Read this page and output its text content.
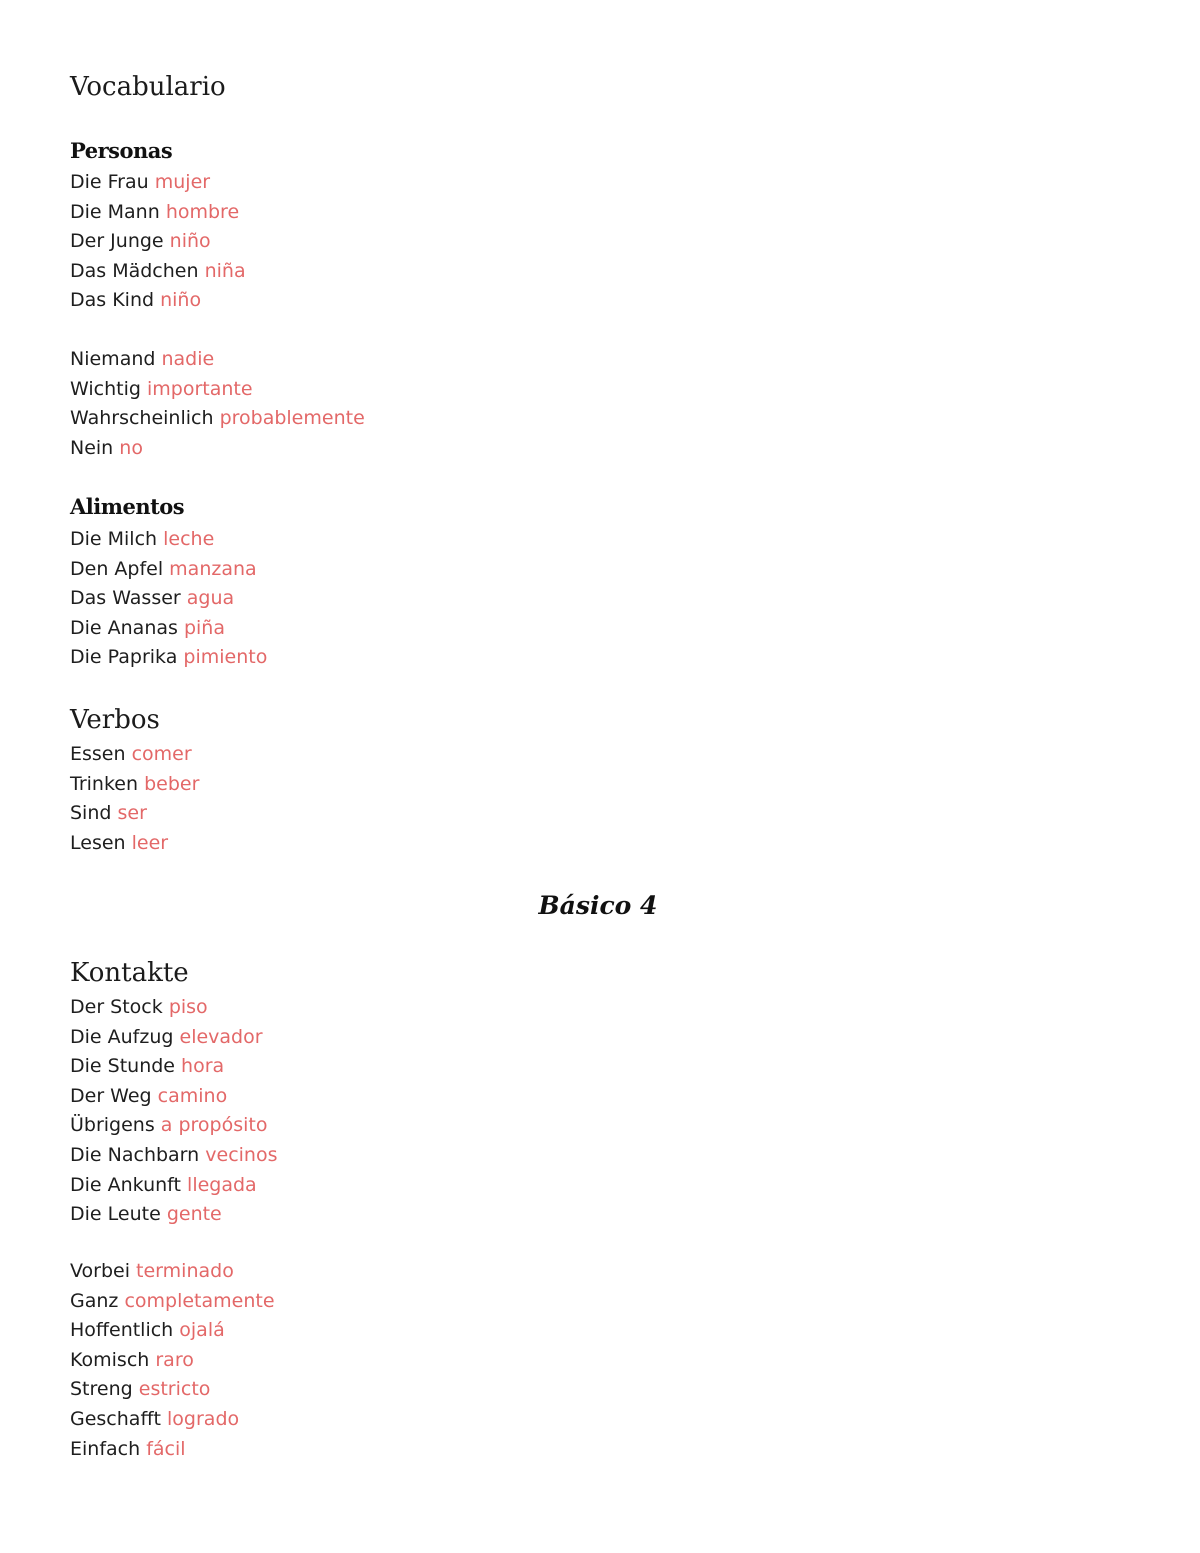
Vocabulario
Personas
Die Frau mujer
Die Mann hombre
Der Junge niño
Das Mädchen niña
Das Kind niño
Niemand nadie
Wichtig importante
Wahrscheinlich probablemente
Nein no
Alimentos
Die Milch leche
Den Apfel manzana
Das Wasser agua
Die Ananas piña
Die Paprika pimiento
Verbos
Essen comer
Trinken beber
Sind ser
Lesen leer
Básico 4
Kontakte
Der Stock piso
Die Aufzug elevador
Die Stunde hora
Der Weg camino
Übrigens a propósito
Die Nachbarn vecinos
Die Ankunft llegada
Die Leute gente
Vorbei terminado
Ganz completamente
Hoffentlich ojalá
Komisch raro
Streng estricto
Geschafft logrado
Einfach fácil
